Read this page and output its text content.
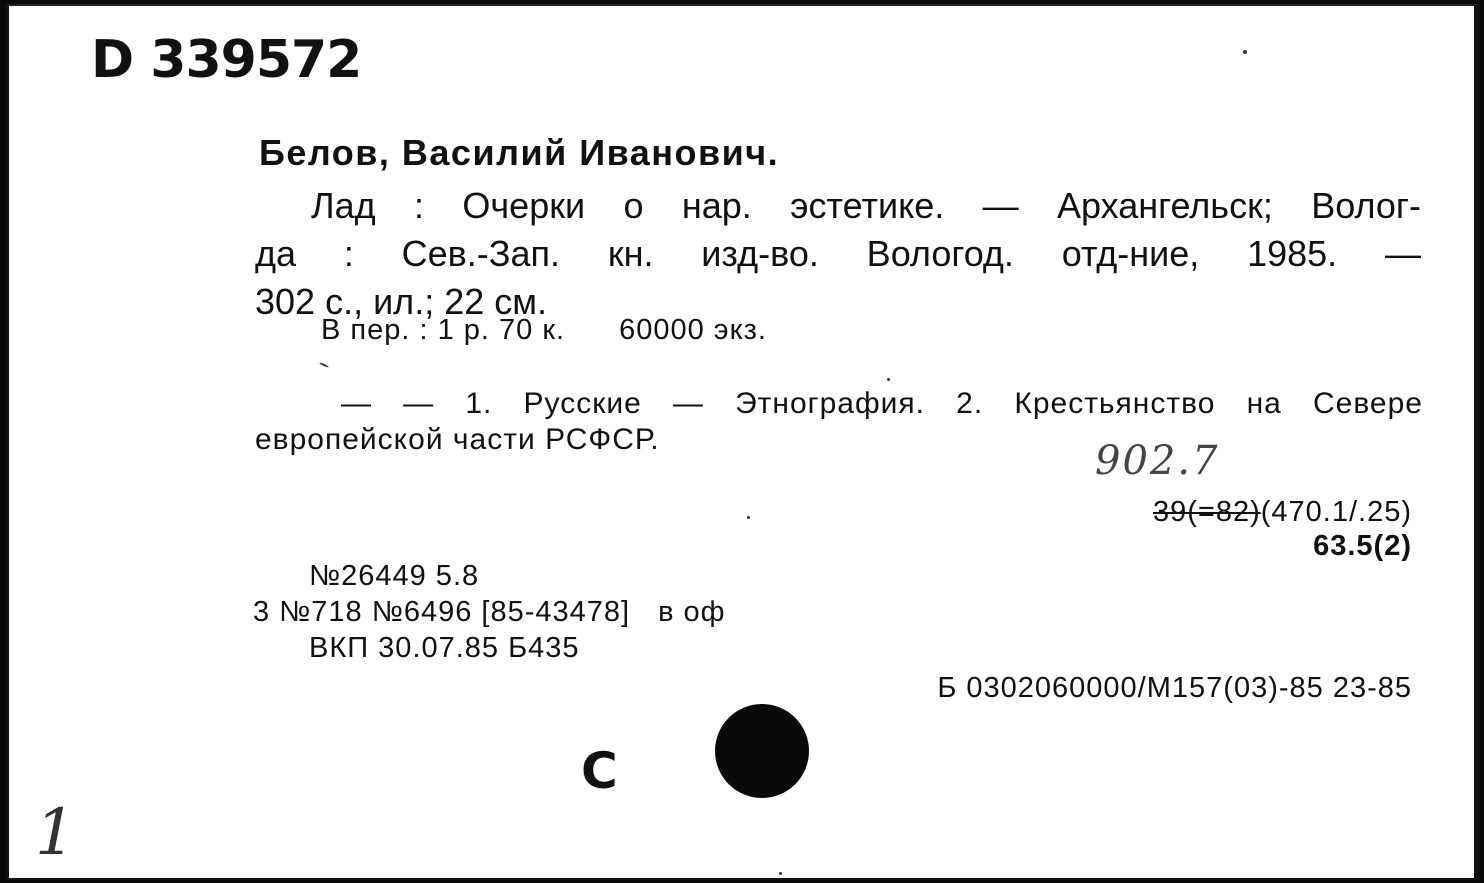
D 339572
Белов, Василий Иванович.
Лад : Очерки о нар. эстетике. — Архангельск; Волог-
да : Сев.-Зап. кн. изд-во. Вологод. отд-ние, 1985. —
302 с., ил.; 22 см.
В пер. : 1 р. 70 к. 60000 экз.
— — 1. Русские — Этнография. 2. Крестьянство на Севере
европейской части РСФСР.	902.7
39(=82)(470.1/.25)
63.5(2)
№26449 5.8
3 №718 №6496 [85-43478] в оф
ВКП 30.07.85 Б435
Б 0302060000/М157(03)-85 23-85
С
1
